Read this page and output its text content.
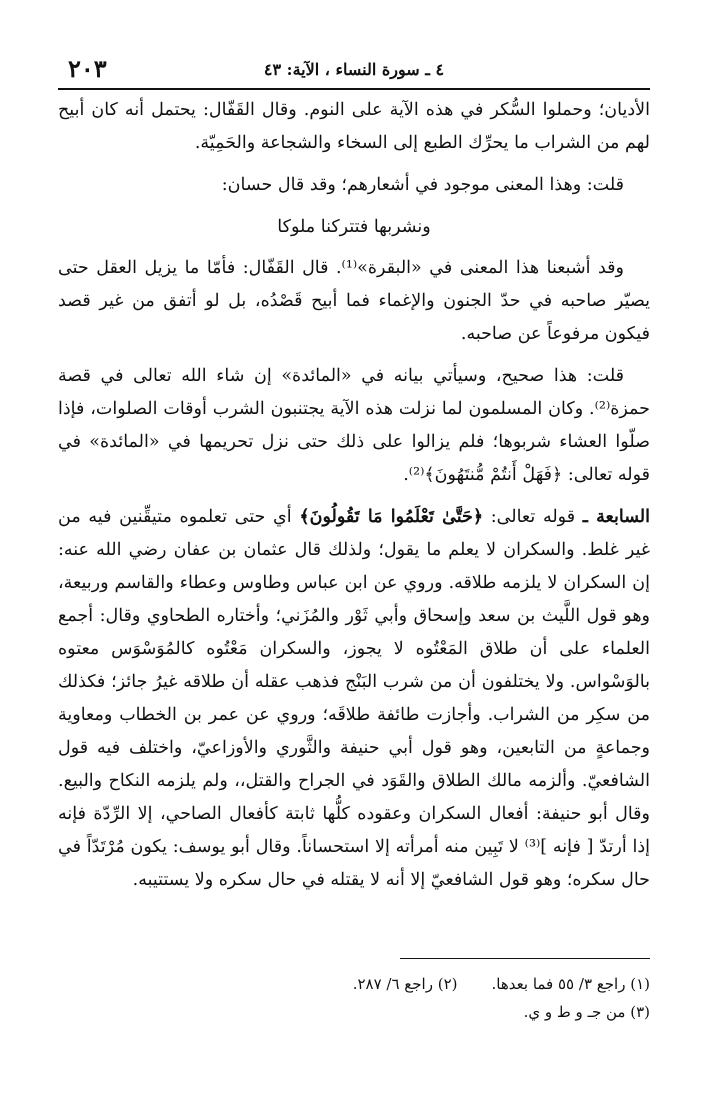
٤ ـ سورة النساء ، الآية: ٤٣
٢٠٣

الأديان؛ وحملوا السُّكر في هذه الآية على النوم. وقال القَفّال: يحتمل أنه كان أبيح لهم من الشراب ما يحرِّك الطبع إلى السخاء والشجاعة والحَمِيّة.

قلت: وهذا المعنى موجود في أشعارهم؛ وقد قال حسان:

ونشربها فتتركنا ملوكا

وقد أشبعنا هذا المعنى في «البقرة»⁽¹⁾. قال القَفّال: فأمّا ما يزيل العقل حتى يصيّر صاحبه في حدّ الجنون والإغماء فما أبيح قَصْدُه، بل لو أتفق من غير قصد فيكون مرفوعاً عن صاحبه.

قلت: هذا صحيح، وسيأتي بيانه في «المائدة» إن شاء الله تعالى في قصة حمزة⁽²⁾. وكان المسلمون لما نزلت هذه الآية يجتنبون الشرب أوقات الصلوات، فإذا صلّوا العشاء شربوها؛ فلم يزالوا على ذلك حتى نزل تحريمها في «المائدة» في قوله تعالى: ﴿فَهَلْ أَنتُمْ مُّنتَهُونَ﴾⁽²⁾.

السابعة ـ قوله تعالى: ﴿حَتَّىٰ تَعْلَمُوا مَا تَقُولُونَ﴾ أي حتى تعلموه متيقِّنين فيه من غير غلط. والسكران لا يعلم ما يقول؛ ولذلك قال عثمان بن عفان رضي الله عنه: إن السكران لا يلزمه طلاقه. وروي عن ابن عباس وطاوس وعطاء والقاسم وربيعة، وهو قول اللَّيث بن سعد وإسحاق وأبي ثَوْر والمُزَني؛ وأختاره الطحاوي وقال: أجمع العلماء على أن طلاق المَعْتُوه لا يجوز، والسكران مَعْتُوه كالمُوَسْوَس معتوه بالوَسْواس. ولا يختلفون أن من شرب البَنْج فذهب عقله أن طلاقه غيرُ جائز؛ فكذلك من سكِر من الشراب. وأجازت طائفة طلاقَه؛ وروي عن عمر بن الخطاب ومعاوية وجماعةٍ من التابعين، وهو قول أبي حنيفة والثَّوري والأوزاعيّ، واختلف فيه قول الشافعيّ. وألزمه مالك الطلاق والقَوَد في الجراح والقتل،، ولم يلزمه النكاح والبيع. وقال أبو حنيفة: أفعال السكران وعقوده كلُّها ثابتة كأفعال الصاحي، إلا الرِّدّة فإنه إذا أرتدّ [ فإنه ]⁽³⁾ لا تَبِين منه أمرأته إلا استحساناً. وقال أبو يوسف: يكون مُرْتَدّاً في حال سكره؛ وهو قول الشافعيّ إلا أنه لا يقتله في حال سكره ولا يستتيبه.

(١) راجع ٣/ ٥٥ فما بعدها.
(٢) راجع ٦/ ٢٨٧.
(٣) من جـ و ط و ي.
